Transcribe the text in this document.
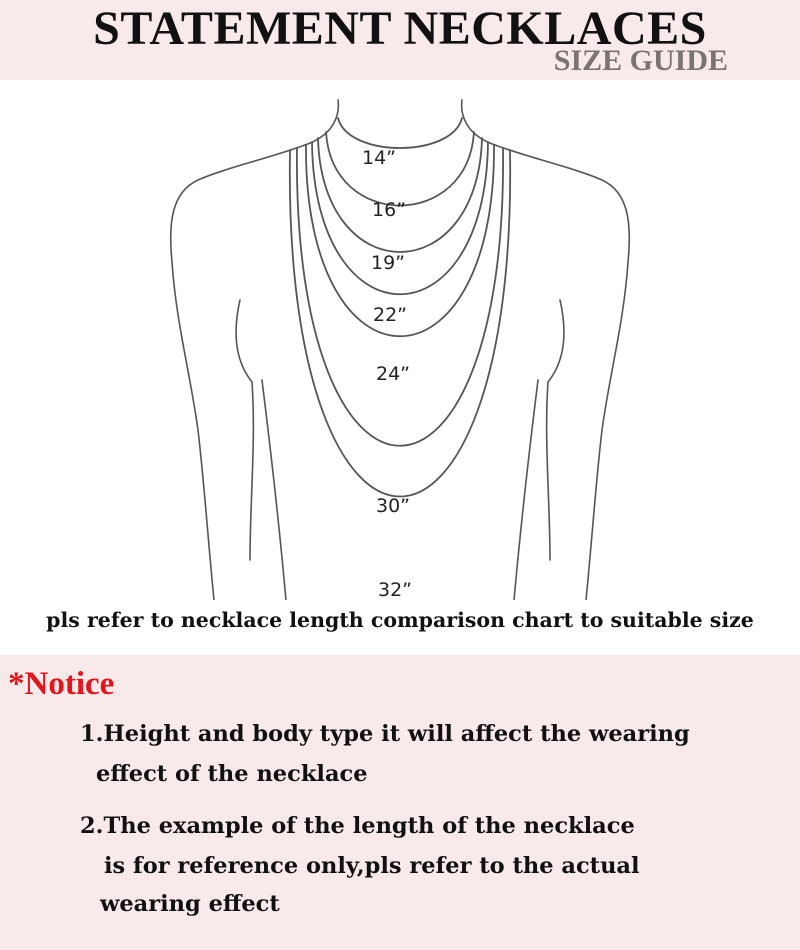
STATEMENT NECKLACES
SIZE GUIDE
14”
16”
19”
22”
24”
30”
32”
pls refer to necklace length comparison chart to suitable size
*Notice
1.Height and body type it will affect the wearing
effect of the necklace
2.The example of the length of the necklace
is for reference only,pls refer to the actual
wearing effect
